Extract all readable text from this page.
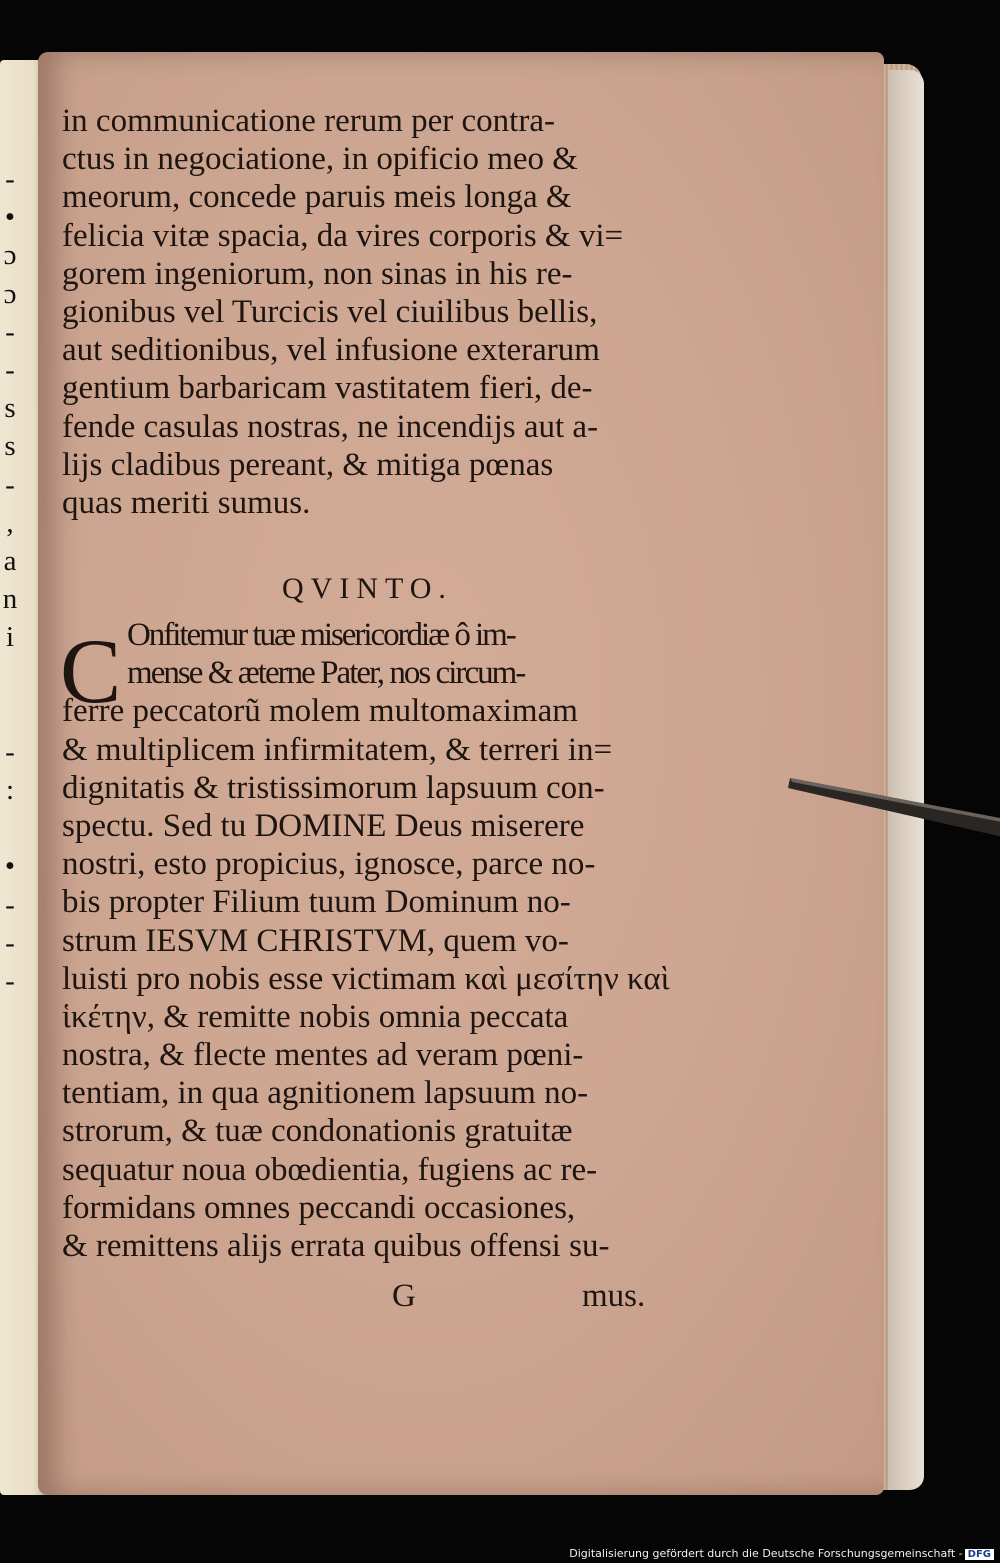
-
•
ɔ
ɔ
-
-
s
s
-
,
a
n
i
-
:
•
-
-
-
in communicatione rerum per contra-
ctus in negociatione, in opificio meo &
meorum, concede paruis meis longa &
felicia vitæ spacia, da vires corporis & vi=
gorem ingeniorum, non sinas in his re-
gionibus vel Turcicis vel ciuilibus bellis,
aut seditionibus, vel infusione exterarum
gentium barbaricam vastitatem fieri, de-
fende casulas nostras, ne incendijs aut a-
lijs cladibus pereant, & mitiga pœnas
quas meriti sumus.
QVINTO.
C Onfitemur tuæ misericordiæ ô im-
mense & æterne Pater, nos circum-
ferre peccatorũ molem multomaximam
& multiplicem infirmitatem, & terreri in=
dignitatis & tristissimorum lapsuum con-
spectu. Sed tu DOMINE Deus miserere
nostri, esto propicius, ignosce, parce no-
bis propter Filium tuum Dominum no-
strum IESVM CHRISTVM, quem vo-
luisti pro nobis esse victimam καὶ μεσίτην καὶ
ἱκέτην, & remitte nobis omnia peccata
nostra, & flecte mentes ad veram pœni-
tentiam, in qua agnitionem lapsuum no-
strorum, & tuæ condonationis gratuitæ
sequatur noua obœdientia, fugiens ac re-
formidans omnes peccandi occasiones,
& remittens alijs errata quibus offensi su-
G	mus.
Digitalisierung gefördert durch die Deutsche Forschungsgemeinschaft - DFG
